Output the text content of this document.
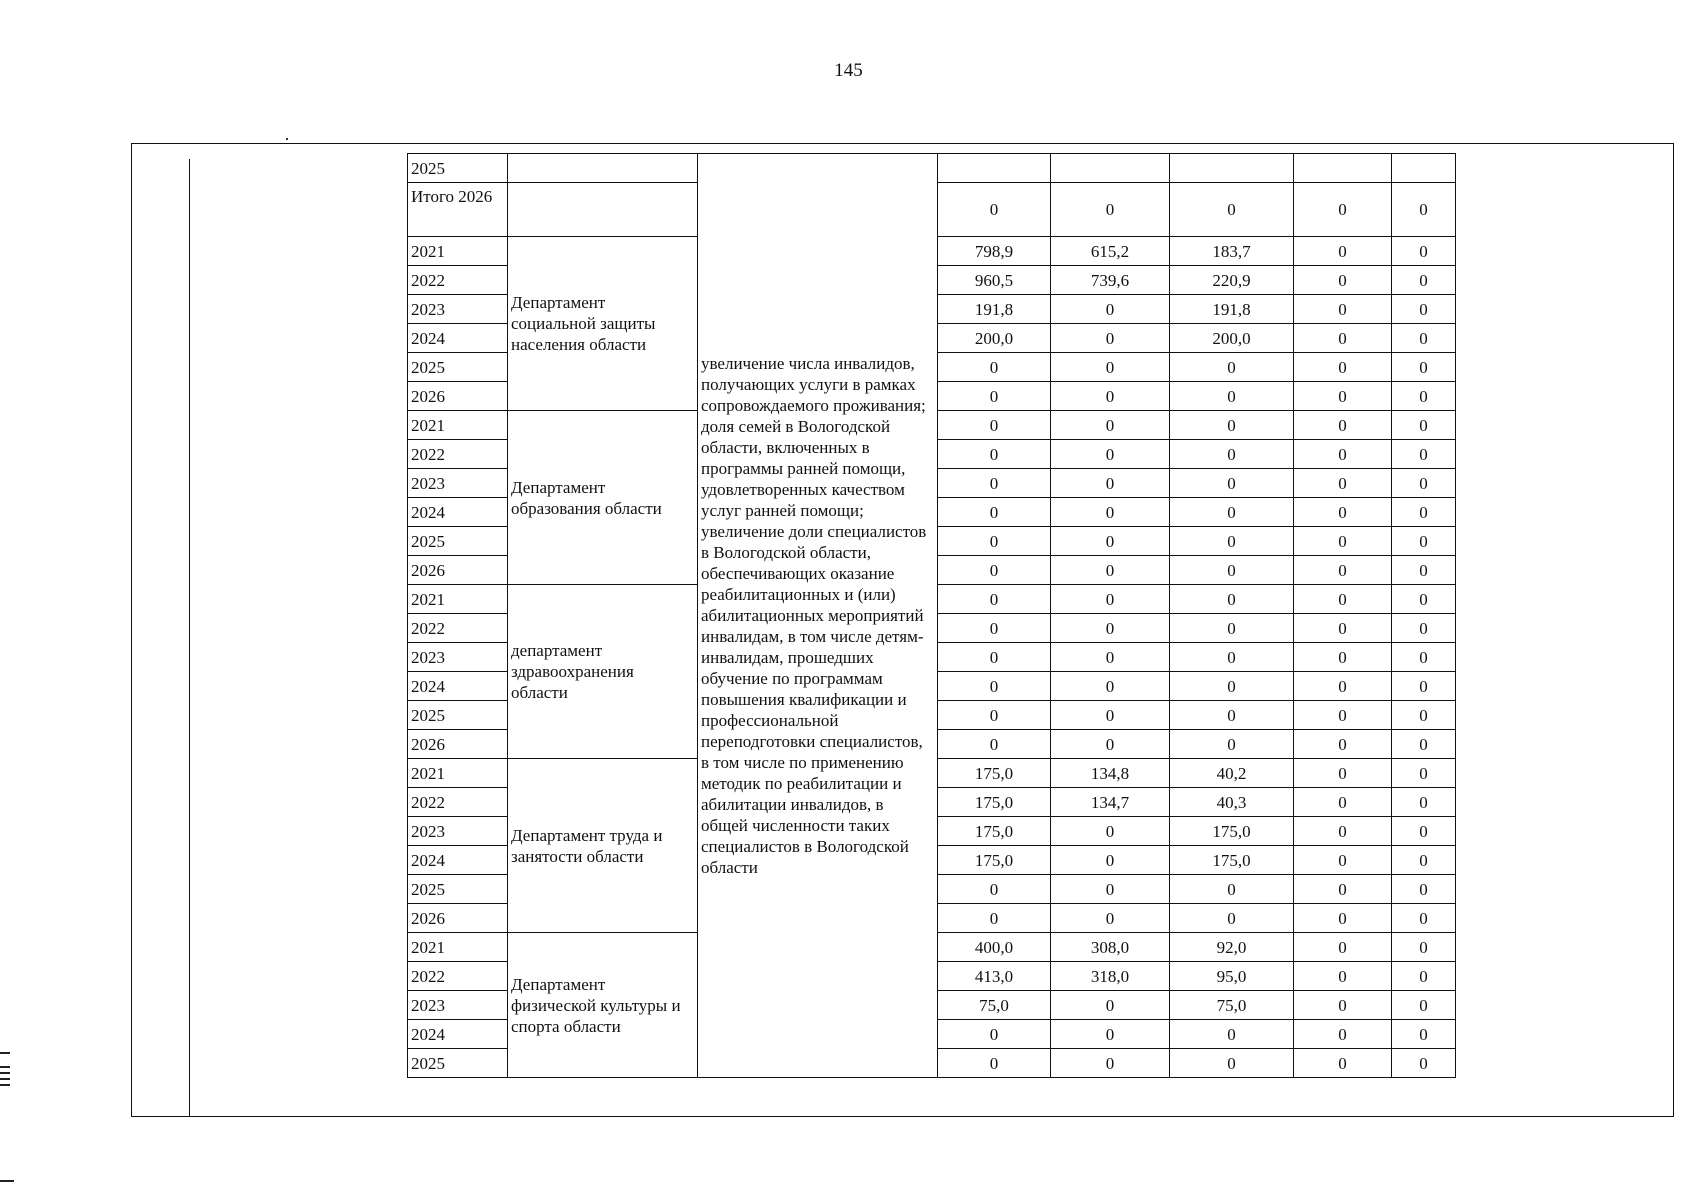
145
2025		увеличение числа инвалидов, получающих услуги в рамках сопровождаемого проживания; доля семей в Вологодской области, включенных в программы ранней помощи, удовлетворенных качеством услуг ранней помощи; увеличение доли специалистов в Вологодской области, обеспечивающих оказание реабилитационных и (или) абилитационных мероприятий инвалидам, в том числе детям-инвалидам, прошедших обучение по программам повышения квалификации и профессиональной переподготовки специалистов, в том числе по применению методик по реабилитации и абилитации инвалидов, в общей численности таких специалистов в Вологодской области					
Итого 2026			0	0	0	0	0
2021	Департамент социальной защиты населения области		798,9	615,2	183,7	0	0
2022			960,5	739,6	220,9	0	0
2023			191,8	0	191,8	0	0
2024			200,0	0	200,0	0	0
2025			0	0	0	0	0
2026			0	0	0	0	0
2021	Департамент образования области		0	0	0	0	0
2022			0	0	0	0	0
2023			0	0	0	0	0
2024			0	0	0	0	0
2025			0	0	0	0	0
2026			0	0	0	0	0
2021	департамент здравоохранения области		0	0	0	0	0
2022			0	0	0	0	0
2023			0	0	0	0	0
2024			0	0	0	0	0
2025			0	0	0	0	0
2026			0	0	0	0	0
2021	Департамент труда и занятости области		175,0	134,8	40,2	0	0
2022			175,0	134,7	40,3	0	0
2023			175,0	0	175,0	0	0
2024			175,0	0	175,0	0	0
2025			0	0	0	0	0
2026			0	0	0	0	0
2021	Департамент физической культуры и спорта области		400,0	308,0	92,0	0	0
2022			413,0	318,0	95,0	0	0
2023			75,0	0	75,0	0	0
2024			0	0	0	0	0
2025			0	0	0	0	0
